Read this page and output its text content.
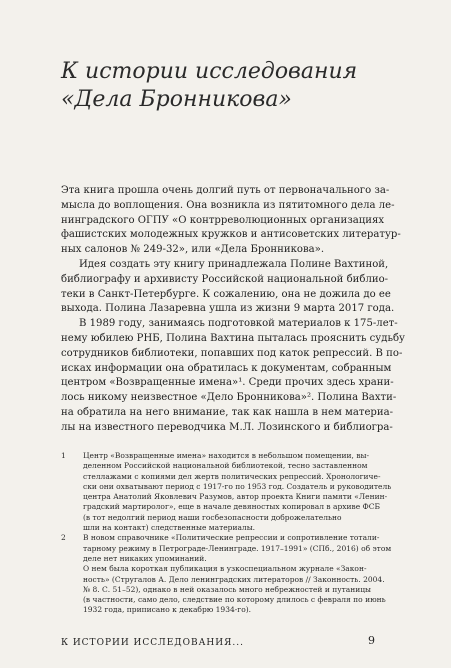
К истории исследования
«Дела Бронникова»
Эта книга прошла очень долгий путь от первоначального за-
мысла до воплощения. Она возникла из пятитомного дела ле-
нинградского ОГПУ «О контрреволюционных организациях
фашистских молодежных кружков и антисоветских литератур-
ных салонов № 249-32», или «Дела Бронникова».
Идея создать эту книгу принадлежала Полине Вахтиной,
библиографу и архивисту Российской национальной библио-
теки в Санкт-Петербурге. К сожалению, она не дожила до ее
выхода. Полина Лазаревна ушла из жизни 9 марта 2017 года.
В 1989 году, занимаясь подготовкой материалов к 175-лет-
нему юбилею РНБ, Полина Вахтина пыталась прояснить судьбу
сотрудников библиотеки, попавших под каток репрессий. В по-
исках информации она обратилась к документам, собранным
центром «Возвращенные имена»¹. Среди прочих здесь храни-
лось никому неизвестное «Дело Бронникова»². Полина Вахти-
на обратила на него внимание, так как нашла в нем материа-
лы на известного переводчика М.Л. Лозинского и библиогра-
1	Центр «Возвращенные имена» находится в небольшом помещении, вы-
деленном Российской национальной библиотекой, тесно заставленном
стеллажами с копиями дел жертв политических репрессий. Хронологиче-
ски они охватывают период с 1917-го по 1953 год. Создатель и руководитель
центра Анатолий Яковлевич Разумов, автор проекта Книги памяти «Ленин-
градский мартиролог», еще в начале девяностых копировал в архиве ФСБ
(в тот недолгий период наши госбезопасности доброжелательно
шли на контакт) следственные материалы.
2	В новом справочнике «Политические репрессии и сопротивление тотали-
тарному режиму в Петрограде-Ленинграде. 1917–1991» (СПб., 2016) об этом
деле нет никаких упоминаний.
О нем была короткая публикация в узкоспециальном журнале «Закон-
ность» (Стругалов А. Дело ленинградских литераторов // Законность. 2004.
№ 8. С. 51–52), однако в ней оказалось много небрежностей и путаницы
(в частности, само дело, следствие по которому длилось с февраля по июнь
1932 года, приписано к декабрю 1934-го).
К ИСТОРИИ ИССЛЕДОВАНИЯ...	9
